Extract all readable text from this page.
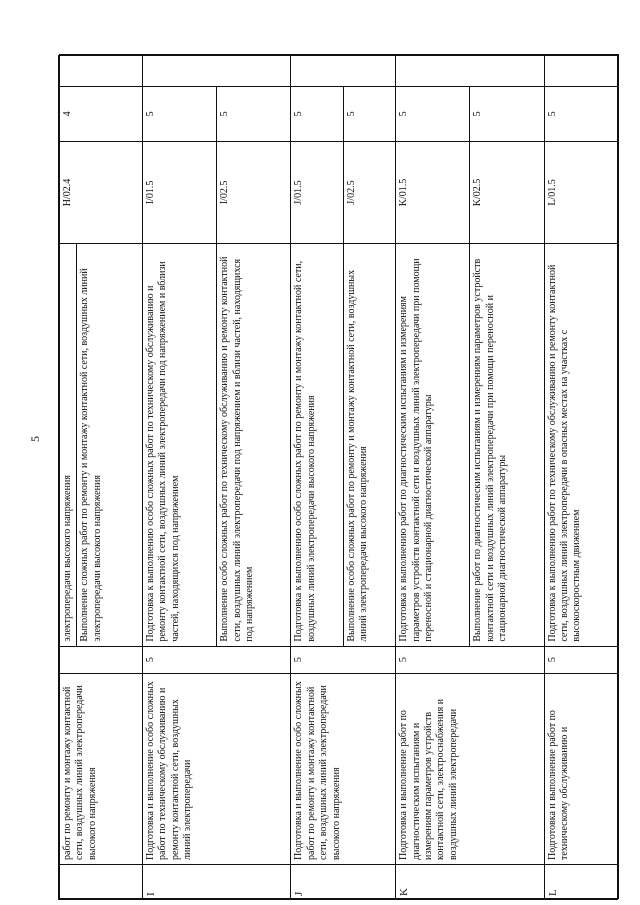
5
	работ по ремонту и монтажу контактной сети, воздушных линий электропередачи высокого напряжения		электропередачи высокого напряжения Выполнение сложных работ по ремонту и монтажу контактной сети, воздушных линий электропередачи высокого напряжения	H/02.4	4	
I	Подготовка и выполнение особо сложных работ по техническому обслуживанию и ремонту контактной сети, воздушных линий электропередачи	5	Подготовка к выполнению особо сложных работ по техническому обслуживанию и ремонту контактной сети, воздушных линий электропередачи под напряжением и вблизи частей, находящихся под напряжением	I/01.5	5	
			Выполнение особо сложных работ по техническому обслуживанию и ремонту контактной сети, воздушных линий электропередачи под напряжением и вблизи частей, находящихся под напряжением	I/02.5	5	
J	Подготовка и выполнение особо сложных работ по ремонту и монтажу контактной сети, воздушных линий электропередачи высокого напряжения	5	Подготовка к выполнению особо сложных работ по ремонту и монтажу контактной сети, воздушных линий электропередачи высокого напряжения	J/01.5	5	
			Выполнение особо сложных работ по ремонту и монтажу контактной сети, воздушных линий электропередачи высокого напряжения	J/02.5	5	
K	Подготовка и выполнение работ по диагностическим испытаниям и измерениям параметров устройств контактной сети, электроснабжения и воздушных линий электропередачи	5	Подготовка к выполнению работ по диагностическим испытаниям и измерениям параметров устройств контактной сети и воздушных линий электропередачи при помощи переносной и стационарной диагностической аппаратуры	K/01.5	5	
			Выполнение работ по диагностическим испытаниям и измерениям параметров устройств контактной сети и воздушных линий электропередачи при помощи переносной и стационарной диагностической аппаратуры	K/02.5	5	
L	Подготовка и выполнение работ по техническому обслуживанию и	5	Подготовка к выполнению работ по техническому обслуживанию и ремонту контактной сети, воздушных линий электропередачи в опасных местах на участках с высокоскоростным движением	L/01.5	5	
